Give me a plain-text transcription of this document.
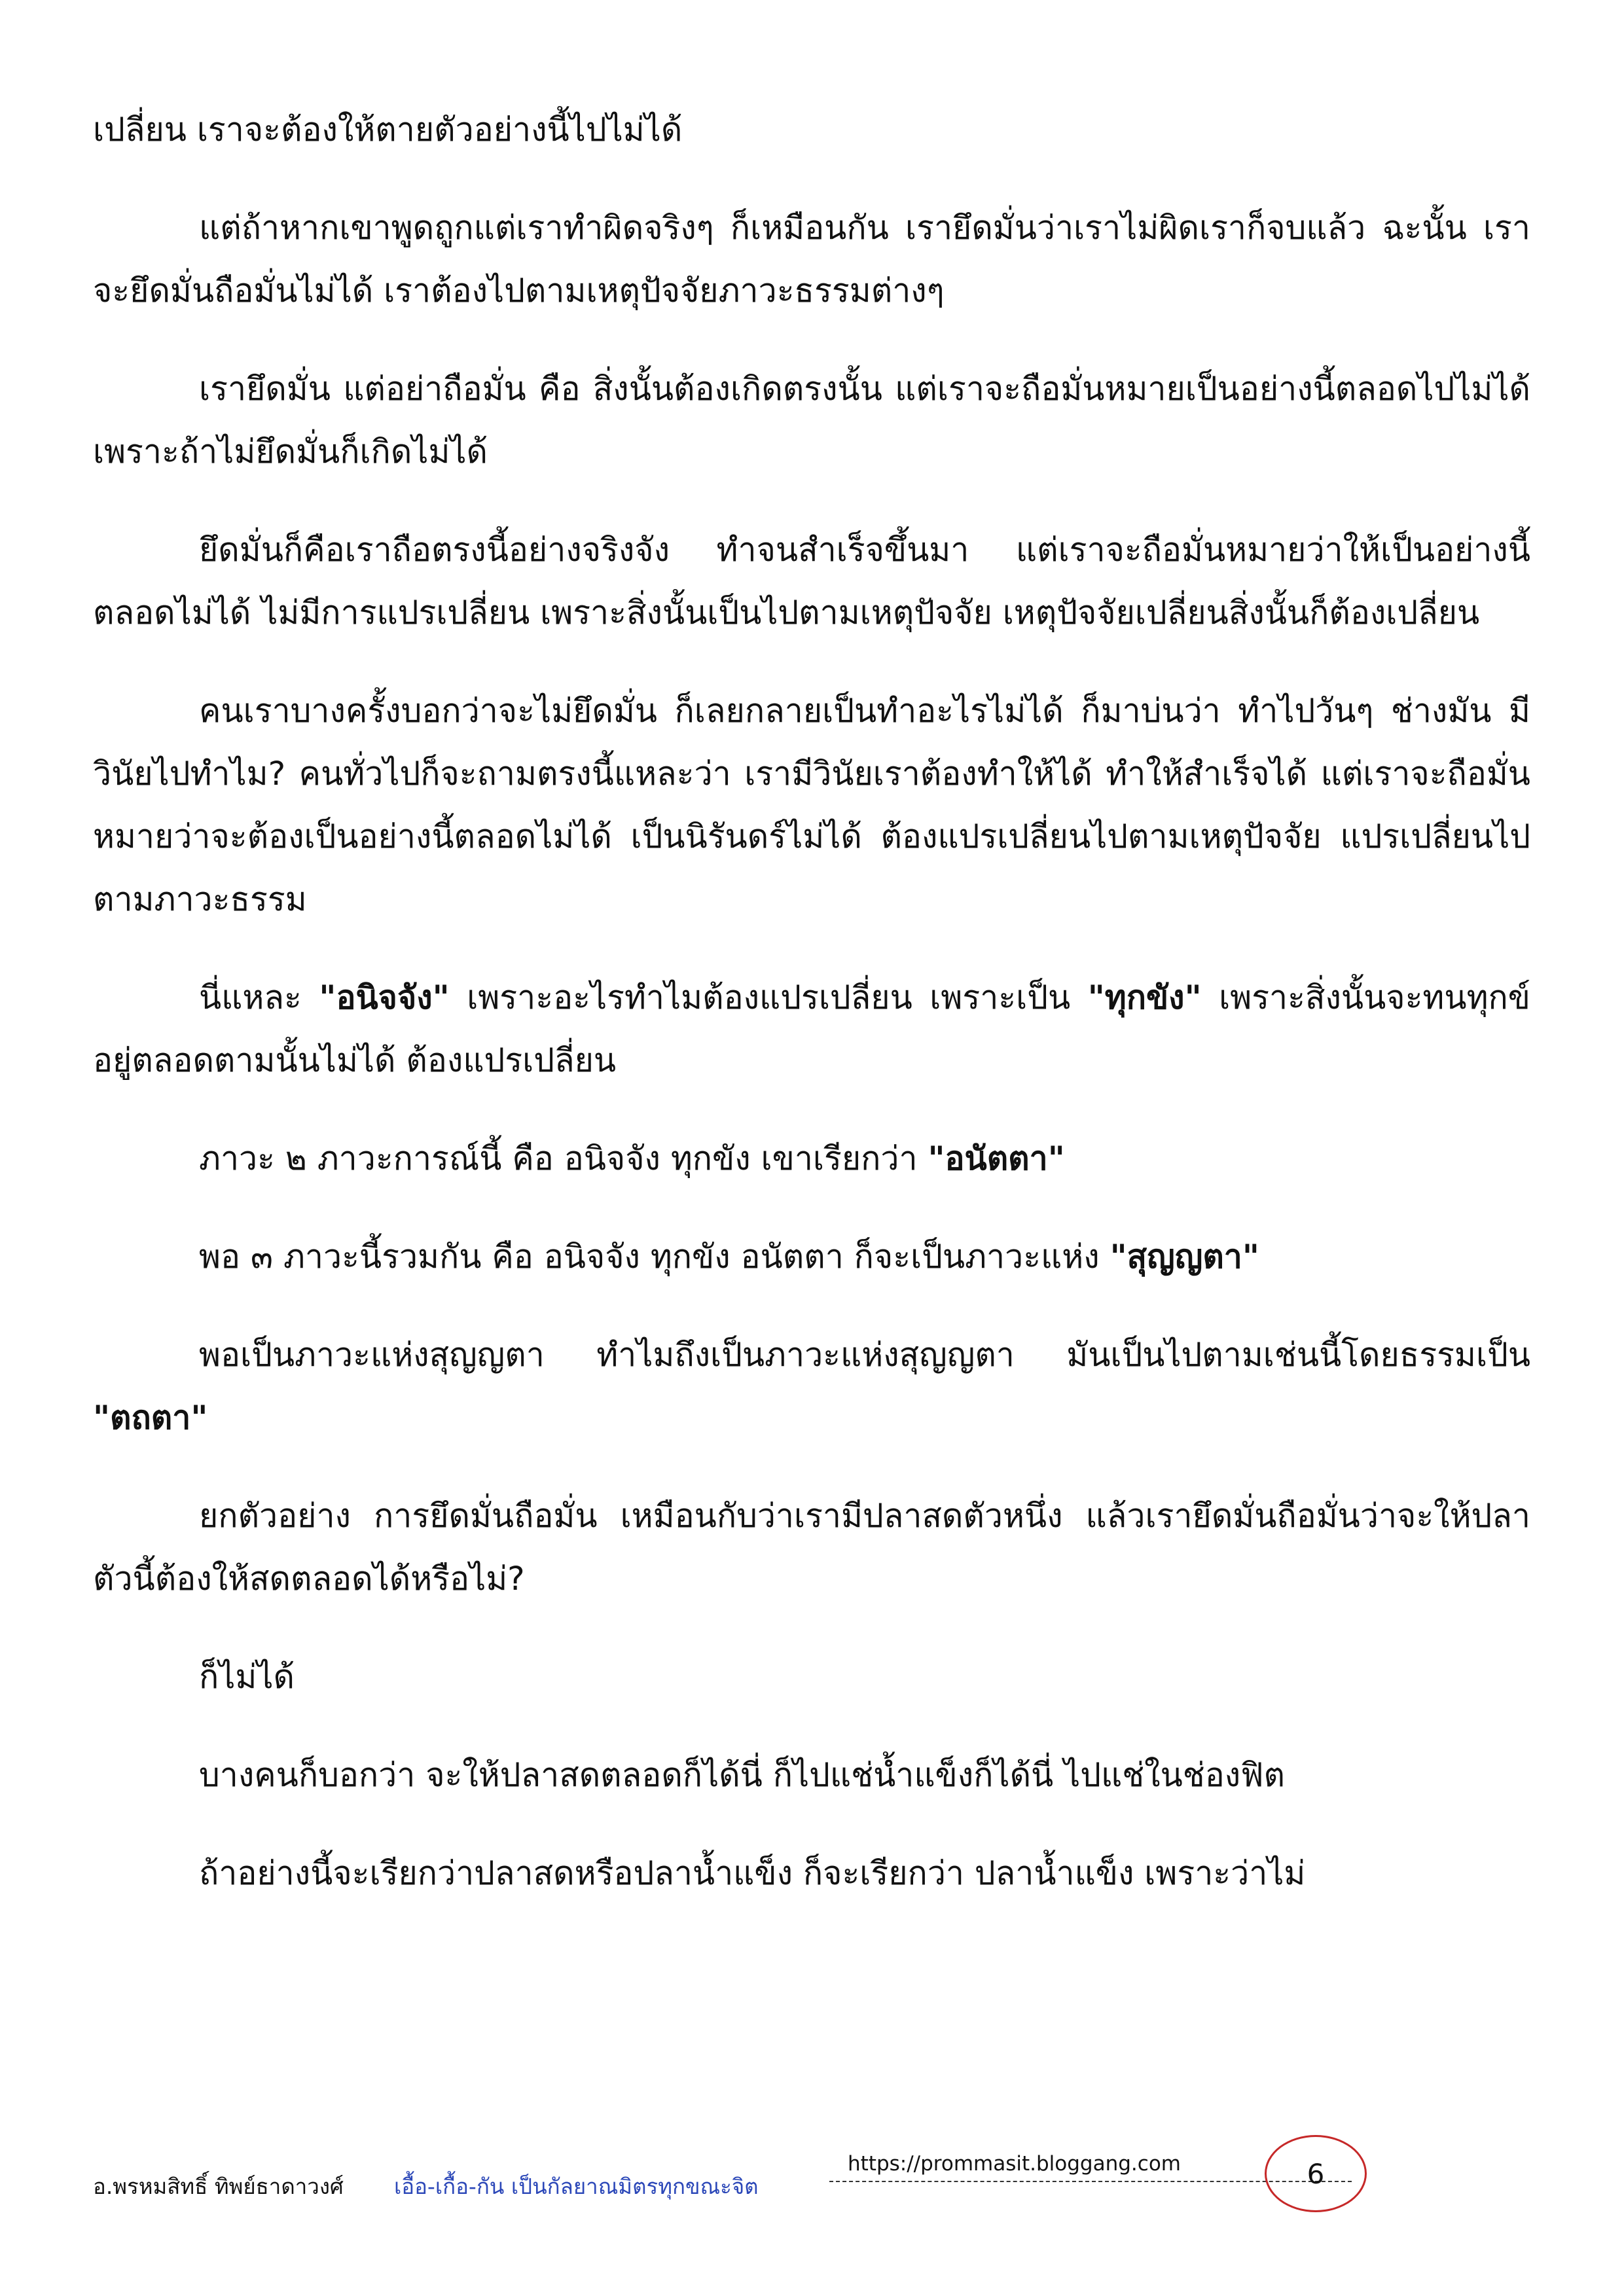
เปลี่ยน เราจะต้องให้ตายตัวอย่างนี้ไปไม่ได้

แต่ถ้าหากเขาพูดถูกแต่เราทำผิดจริงๆ ก็เหมือนกัน เรายึดมั่นว่าเราไม่ผิดเราก็จบแล้ว ฉะนั้น เราจะยึดมั่นถือมั่นไม่ได้ เราต้องไปตามเหตุปัจจัยภาวะธรรมต่างๆ

เรายึดมั่น แต่อย่าถือมั่น คือ สิ่งนั้นต้องเกิดตรงนั้น แต่เราจะถือมั่นหมายเป็นอย่างนี้ตลอดไปไม่ได้ เพราะถ้าไม่ยึดมั่นก็เกิดไม่ได้

ยึดมั่นก็คือเราถือตรงนี้อย่างจริงจัง ทำจนสำเร็จขึ้นมา แต่เราจะถือมั่นหมายว่าให้เป็นอย่างนี้ตลอดไม่ได้ ไม่มีการแปรเปลี่ยน เพราะสิ่งนั้นเป็นไปตามเหตุปัจจัย เหตุปัจจัยเปลี่ยนสิ่งนั้นก็ต้องเปลี่ยน

คนเราบางครั้งบอกว่าจะไม่ยึดมั่น ก็เลยกลายเป็นทำอะไรไม่ได้ ก็มาบ่นว่า ทำไปวันๆ ช่างมัน มีวินัยไปทำไม? คนทั่วไปก็จะถามตรงนี้แหละว่า เรามีวินัยเราต้องทำให้ได้ ทำให้สำเร็จได้ แต่เราจะถือมั่นหมายว่าจะต้องเป็นอย่างนี้ตลอดไม่ได้ เป็นนิรันดร์ไม่ได้ ต้องแปรเปลี่ยนไปตามเหตุปัจจัย แปรเปลี่ยนไปตามภาวะธรรม

นี่แหละ "อนิจจัง" เพราะอะไรทำไมต้องแปรเปลี่ยน เพราะเป็น "ทุกขัง" เพราะสิ่งนั้นจะทนทุกข์อยู่ตลอดตามนั้นไม่ได้ ต้องแปรเปลี่ยน

ภาวะ ๒ ภาวะการณ์นี้ คือ อนิจจัง ทุกขัง เขาเรียกว่า "อนัตตา"

พอ ๓ ภาวะนี้รวมกัน คือ อนิจจัง ทุกขัง อนัตตา ก็จะเป็นภาวะแห่ง "สุญญตา"

พอเป็นภาวะแห่งสุญญตา ทำไมถึงเป็นภาวะแห่งสุญญตา มันเป็นไปตามเช่นนี้โดยธรรมเป็น "ตถตา"

ยกตัวอย่าง การยึดมั่นถือมั่น เหมือนกับว่าเรามีปลาสดตัวหนึ่ง แล้วเรายึดมั่นถือมั่นว่าจะให้ปลาตัวนี้ต้องให้สดตลอดได้หรือไม่?

ก็ไม่ได้

บางคนก็บอกว่า จะให้ปลาสดตลอดก็ได้นี่ ก็ไปแช่น้ำแข็งก็ได้นี่ ไปแช่ในช่องฟิต

ถ้าอย่างนี้จะเรียกว่าปลาสดหรือปลาน้ำแข็ง ก็จะเรียกว่า ปลาน้ำแข็ง เพราะว่าไม่

อ.พรหมสิทธิ์ ทิพย์ธาดาวงศ์ เอื้อ-เกื้อ-กัน เป็นกัลยาณมิตรทุกขณะจิต
https://prommasit.bloggang.com	6
